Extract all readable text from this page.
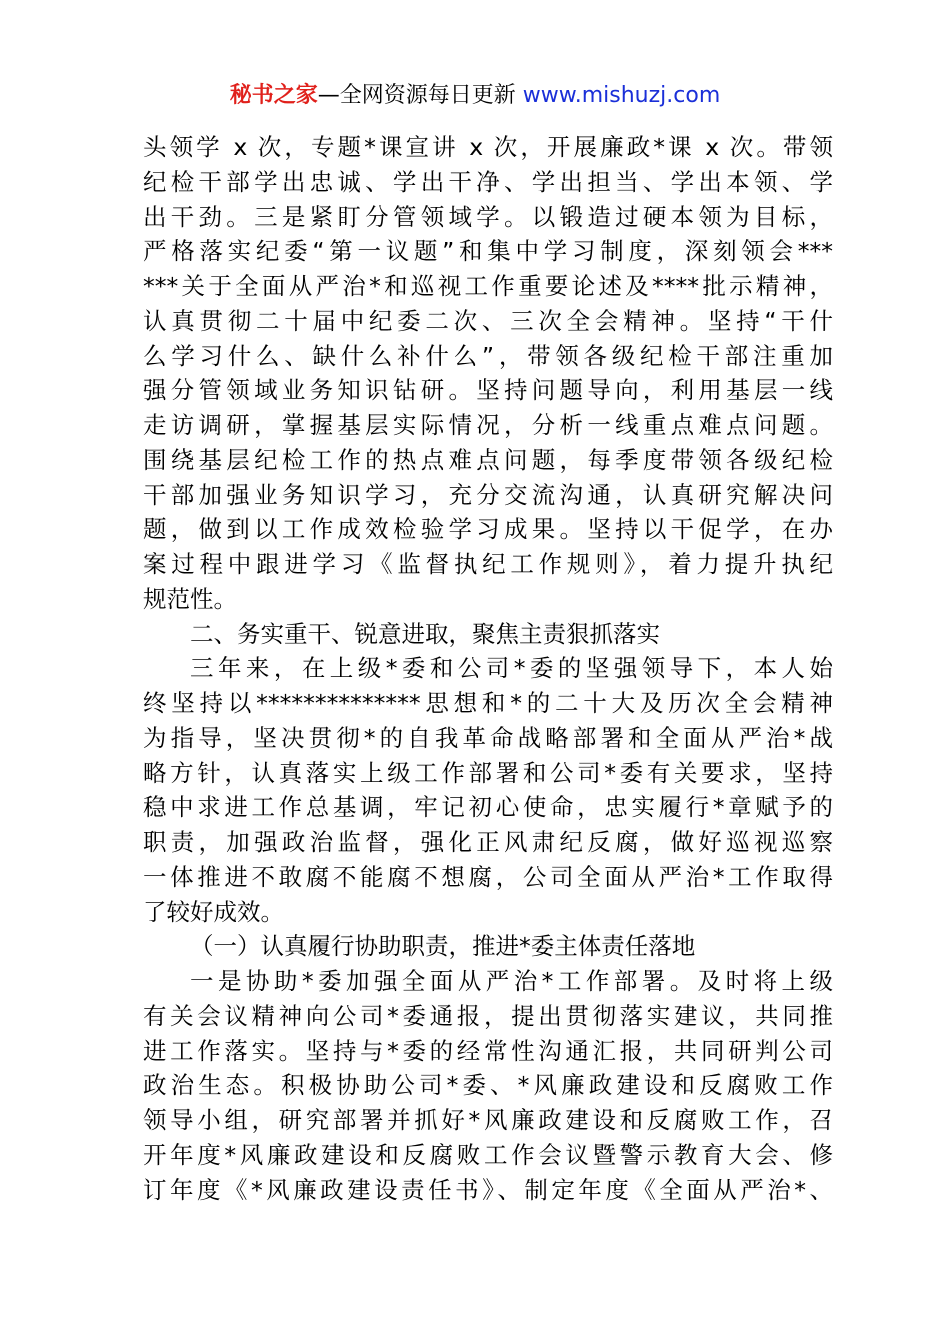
秘书之家—全网资源每日更新 www.mishuzj.com
头领学 x 次，专题*课宣讲 x 次，开展廉政*课 x 次。带领
纪检干部学出忠诚、学出干净、学出担当、学出本领、学
出干劲。三是紧盯分管领域学。以锻造过硬本领为目标，
严格落实纪委“第一议题”和集中学习制度，深刻领会***
***关于全面从严治*和巡视工作重要论述及****批示精神，
认真贯彻二十届中纪委二次、三次全会精神。坚持“干什
么学习什么、缺什么补什么”，带领各级纪检干部注重加
强分管领域业务知识钻研。坚持问题导向，利用基层一线
走访调研，掌握基层实际情况，分析一线重点难点问题。
围绕基层纪检工作的热点难点问题，每季度带领各级纪检
干部加强业务知识学习，充分交流沟通，认真研究解决问
题，做到以工作成效检验学习成果。坚持以干促学，在办
案过程中跟进学习《监督执纪工作规则》，着力提升执纪
规范性。
二、务实重干、锐意进取，聚焦主责狠抓落实
三年来，在上级*委和公司*委的坚强领导下，本人始
终坚持以**************思想和*的二十大及历次全会精神
为指导，坚决贯彻*的自我革命战略部署和全面从严治*战
略方针，认真落实上级工作部署和公司*委有关要求，坚持
稳中求进工作总基调，牢记初心使命，忠实履行*章赋予的
职责，加强政治监督，强化正风肃纪反腐，做好巡视巡察
一体推进不敢腐不能腐不想腐，公司全面从严治*工作取得
了较好成效。
（一）认真履行协助职责，推进*委主体责任落地
一是协助*委加强全面从严治*工作部署。及时将上级
有关会议精神向公司*委通报，提出贯彻落实建议，共同推
进工作落实。坚持与*委的经常性沟通汇报，共同研判公司
政治生态。积极协助公司*委、*风廉政建设和反腐败工作
领导小组，研究部署并抓好*风廉政建设和反腐败工作，召
开年度*风廉政建设和反腐败工作会议暨警示教育大会、修
订年度《*风廉政建设责任书》、制定年度《全面从严治*、
